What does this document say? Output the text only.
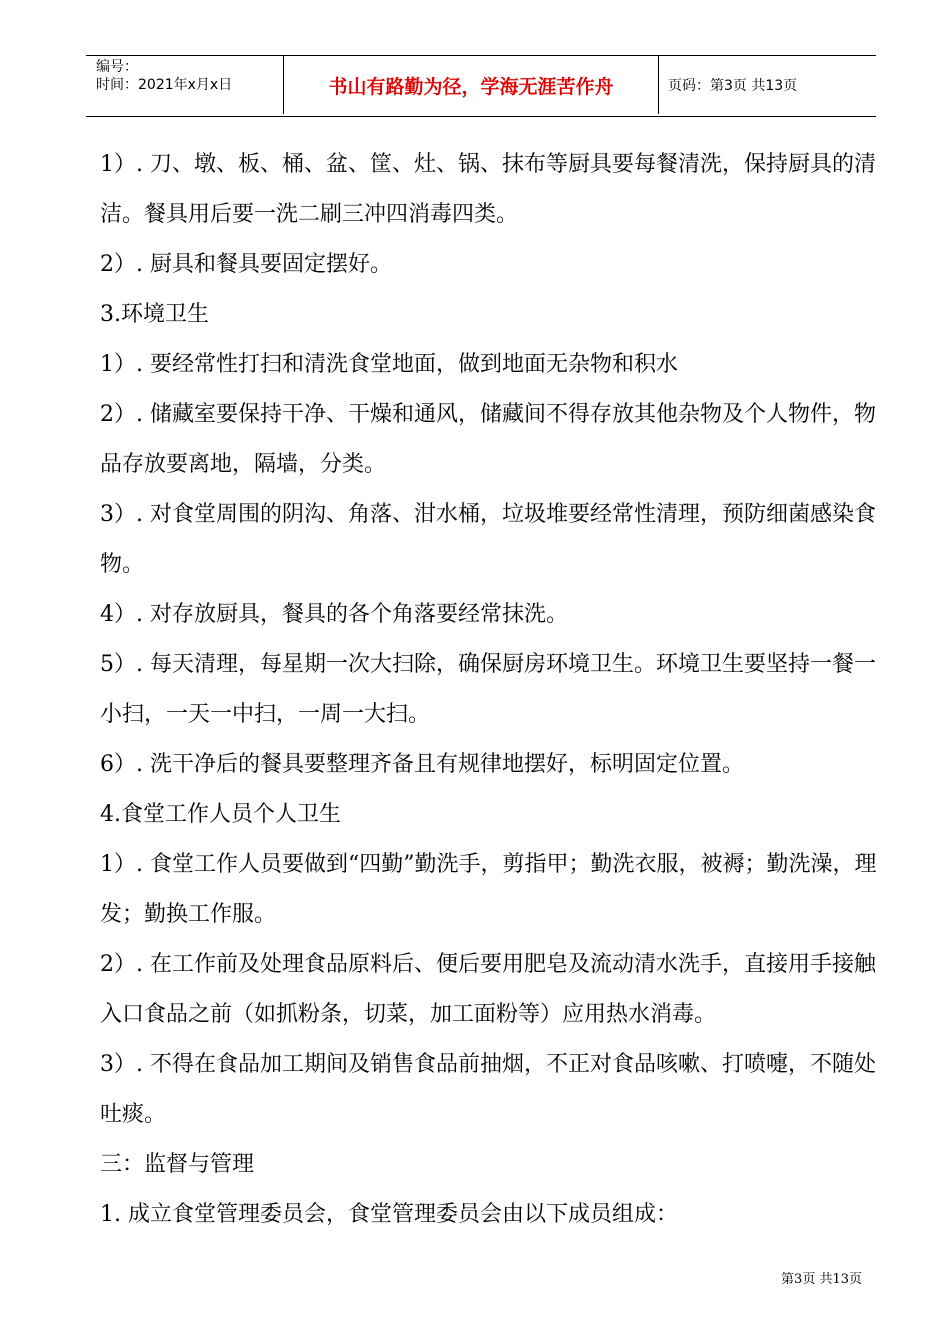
编号：
时间：2021年x月x日	书山有路勤为径，学海无涯苦作舟	页码：第3页 共13页

1）. 刀、墩、板、桶、盆、筐、灶、锅、抹布等厨具要每餐清洗，保持厨具的清洁。餐具用后要一洗二刷三冲四消毒四类。

2）. 厨具和餐具要固定摆好。

3.环境卫生

1）. 要经常性打扫和清洗食堂地面，做到地面无杂物和积水

2）. 储藏室要保持干净、干燥和通风，储藏间不得存放其他杂物及个人物件，物品存放要离地，隔墙，分类。

3）. 对食堂周围的阴沟、角落、泔水桶，垃圾堆要经常性清理，预防细菌感染食物。

4）. 对存放厨具，餐具的各个角落要经常抹洗。

5）. 每天清理，每星期一次大扫除，确保厨房环境卫生。环境卫生要坚持一餐一小扫，一天一中扫，一周一大扫。

6）. 洗干净后的餐具要整理齐备且有规律地摆好，标明固定位置。

4.食堂工作人员个人卫生

1）. 食堂工作人员要做到“四勤”勤洗手，剪指甲；勤洗衣服，被褥；勤洗澡，理发；勤换工作服。

2）. 在工作前及处理食品原料后、便后要用肥皂及流动清水洗手，直接用手接触入口食品之前（如抓粉条，切菜，加工面粉等）应用热水消毒。

3）. 不得在食品加工期间及销售食品前抽烟，不正对食品咳嗽、打喷嚏，不随处吐痰。

三：监督与管理

1. 成立食堂管理委员会，食堂管理委员会由以下成员组成：

第3页 共13页
